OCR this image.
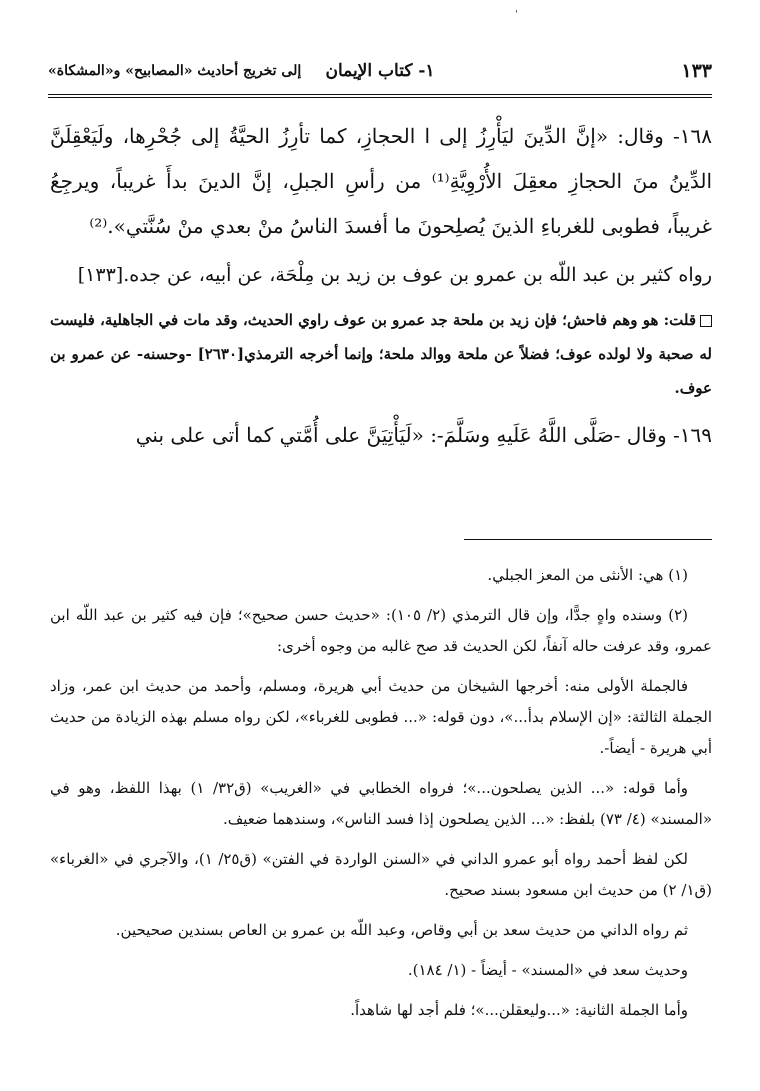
ˈ
١٣٣
١- كتاب الإيمان
إلى تخريج أحاديث «المصابيح» و«المشكاة»

١٦٨- وقال: «إنَّ الدِّينَ ليَأْرِزُ إلى ا الحجازِ، كما تأرِزُ الحيَّةُ إلى جُحْرِها، ولَيَعْقِلَنَّ الدِّينُ منَ الحجازِ معقِلَ الأُرْوِيَّةِ⁽¹⁾ من رأسِ الجبلِ، إنَّ الدينَ بدأَ غريباً، ويرجِعُ غريباً، فطوبى للغرباءِ الذينَ يُصلِحونَ ما أفسدَ الناسُ منْ بعدي منْ سُنَّتي».⁽²⁾

رواه كثير بن عبد اللّه بن عمرو بن عوف بن زيد بن مِلْحَة، عن أبيه، عن جده.[١٣٣]

قلت: هو وهم فاحش؛ فإن زيد بن ملحة جد عمرو بن عوف راوي الحديث، وقد مات في الجاهلية، فليست له صحبة ولا لولده عوف؛ فضلاً عن ملحة ووالد ملحة؛ وإنما أخرجه الترمذي[٢٦٣٠] -وحسنه- عن عمرو بن عوف.

١٦٩- وقال -صَلَّى اللَّهُ عَلَيهِ وسَلَّمَ-: «لَيَأْتِيَنَّ على أُمَّتي كما أتى على بني

(١) هي: الأنثى من المعز الجبلي.

(٢) وسنده واهٍ جدًّا، وإن قال الترمذي (٢/ ١٠٥): «حديث حسن صحيح»؛ فإن فيه كثير بن عبد اللّه ابن عمرو، وقد عرفت حاله آنفاً، لكن الحديث قد صح غالبه من وجوه أخرى:

فالجملة الأولى منه: أخرجها الشيخان من حديث أبي هريرة، ومسلم، وأحمد من حديث ابن عمر، وزاد الجملة الثالثة: «إن الإسلام بدأ...»، دون قوله: «... فطوبى للغرباء»، لكن رواه مسلم بهذه الزيادة من حديث أبي هريرة - أيضاً-.

وأما قوله: «... الذين يصلحون...»؛ فرواه الخطابي في «الغريب» (ق٣٢/ ١) بهذا اللفظ، وهو في «المسند» (٤/ ٧٣) بلفظ: «... الذين يصلحون إذا فسد الناس»، وسندهما ضعيف.

لكن لفظ أحمد رواه أبو عمرو الداني في «السنن الواردة في الفتن» (ق٢٥/ ١)، والآجري في «الغرباء» (ق١/ ٢) من حديث ابن مسعود بسند صحيح.

ثم رواه الداني من حديث سعد بن أبي وقاص، وعبد اللّه بن عمرو بن العاص بسندين صحيحين.

وحديث سعد في «المسند» - أيضاً - (١/ ١٨٤).

وأما الجملة الثانية: «...وليعقلن...»؛ فلم أجد لها شاهداً.
